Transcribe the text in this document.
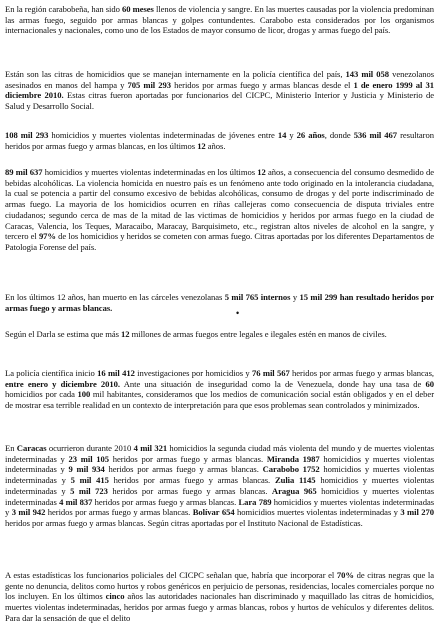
En la región carabobeña, han sido 60 meses llenos de violencia y sangre. En las muertes causadas por la violencia predominan las armas fuego, seguido por armas blancas y golpes contundentes. Carabobo esta considerados por los organismos internacionales y nacionales, como uno de los Estados de mayor consumo de licor, drogas y armas fuego del país.

Están son las citras de homicidios que se manejan internamente en la policía científica del país, 143 mil 058 venezolanos asesinados en manos del hampa y 705 mil 293 heridos por armas fuego y armas blancas desde el 1 de enero 1999 al 31 diciembre 2010. Estas citras fueron aportadas por funcionarios del CICPC, Ministerio Interior y Justicia y Ministerio de Salud y Desarrollo Social.

108 mil 293 homicidios y muertes violentas indeterminadas de jóvenes entre 14 y 26 años, donde 536 mil 467 resultaron heridos por armas fuego y armas blancas, en los últimos 12 años.

89 mil 637 homicidios y muertes violentas indeterminadas en los últimos 12 años, a consecuencia del consumo desmedido de bebidas alcohólicas. La violencia homicida en nuestro país es un fenómeno ante todo originado en la intolerancia ciudadana, la cual se potencia a partir del consumo excesivo de bebidas alcohólicas, consumo de drogas y del porte indiscriminado de armas fuego. La mayoria de los homicidios ocurren en riñas callejeras como consecuencia de disputa triviales entre ciudadanos; segundo cerca de mas de la mitad de las victimas de homicidios y heridos por armas fuego en la ciudad de Caracas, Valencia, los Teques, Maracaibo, Maracay, Barquisimeto, etc., registran altos niveles de alcohol en la sangre, y tercero el 97% de los homicidios y heridos se cometen con armas fuego. Citras aportadas por los diferentes Departamentos de Patologia Forense del país.

En los últimos 12 años, han muerto en las cárceles venezolanas 5 mil 765 internos y 15 mil 299 han resultado heridos por armas fuego y armas blancas.

•

Según el Darla se estima que más 12 millones de armas fuegos entre legales e ilegales estén en manos de civiles.

La policía científica inicio 16 mil 412 investigaciones por homicidios y 76 mil 567 heridos por armas fuego y armas blancas, entre enero y diciembre 2010. Ante una situación de inseguridad como la de Venezuela, donde hay una tasa de 60 homicidios por cada 100 mil habitantes, consideramos que los medios de comunicación social están obligados y en el deber de mostrar esa terrible realidad en un contexto de interpretación para que esos problemas sean controlados y minimizados.

En Caracas ocurrieron durante 2010 4 mil 321 homicidios la segunda ciudad más violenta del mundo y de muertes violentas indeterminadas y 23 mil 105 heridos por armas fuego y armas blancas. Miranda 1987 homicidios y muertes violentas indeterminadas y 9 mil 934 heridos por armas fuego y armas blancas. Carabobo 1752 homicidios y muertes violentas indeterminadas y 5 mil 415 heridos por armas fuego y armas blancas. Zulia 1145 homicidios y muertes violentas indeterminadas y 5 mil 723 heridos por armas fuego y armas blancas. Aragua 965 homicidios y muertes violentas indeterminadas 4 mil 837 heridos por armas fuego y armas blancas. Lara 789 homicidios y muertes violentas indeterminadas y 3 mil 942 heridos por armas fuego y armas blancas. Bolívar 654 homicidios muertes violentas indeterminadas y 3 mil 270 heridos por armas fuego y armas blancas. Según citras aportadas por el Instituto Nacional de Estadísticas.

A estas estadísticas los funcionarios policiales del CICPC señalan que, habría que incorporar el 70% de citras negras que la gente no denuncia, delitos como hurtos y robos genéricos en perjuicio de personas, residencias, locales comerciales porque no los incluyen. En los últimos cinco años las autoridades nacionales han discriminado y maquillado las citras de homicidios, muertes violentas indeterminadas, heridos por armas fuego y armas blancas, robos y hurtos de vehículos y diferentes delitos. Para dar la sensación de que el delito
